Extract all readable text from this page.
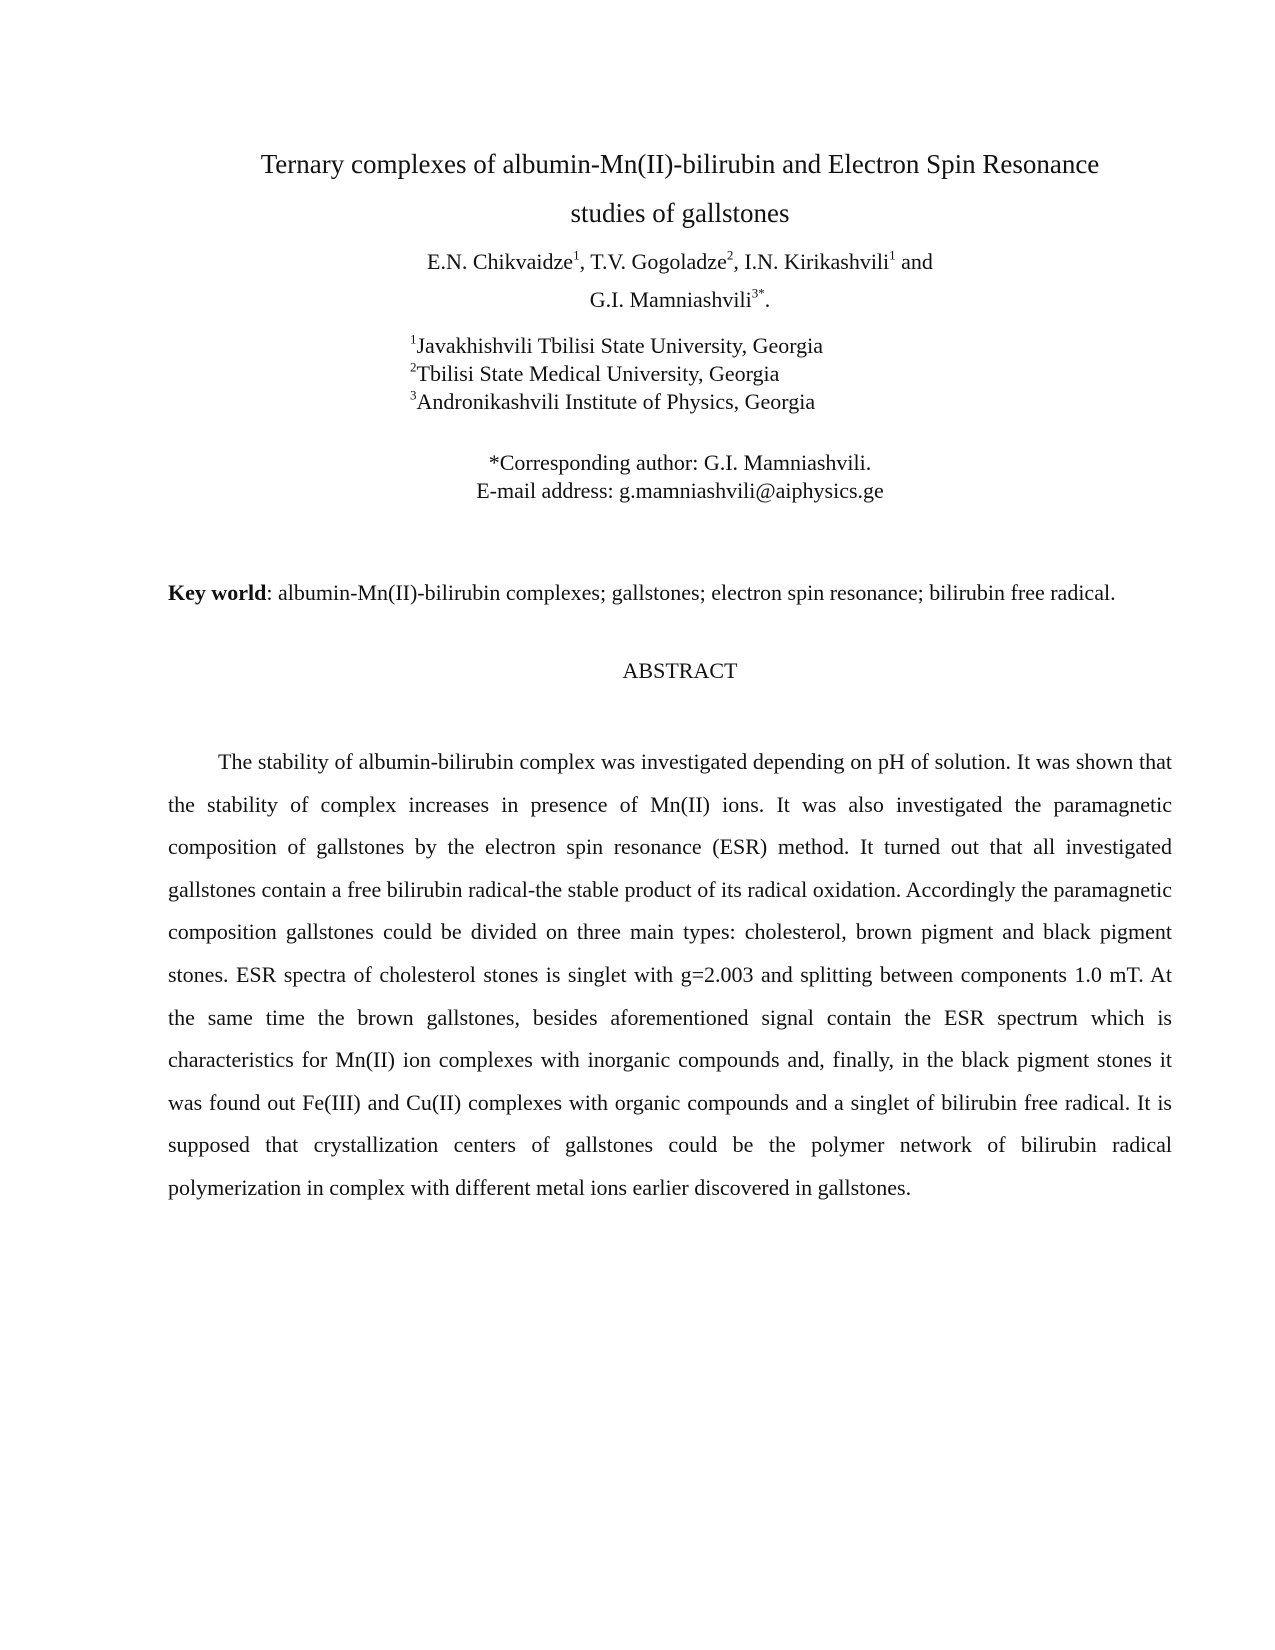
Ternary complexes of albumin-Mn(II)-bilirubin and Electron Spin Resonance studies of gallstones
E.N. Chikvaidze$^1$, T.V. Gogoladze$^2$, I.N. Kirikashvili$^1$ and
G.I. Mamniashvili$^{3*}$.
$^1$Javakhishvili Tbilisi State University, Georgia
$^2$Tbilisi State Medical University, Georgia
$^3$Andronikashvili Institute of Physics, Georgia
*Corresponding author: G.I. Mamniashvili.
E-mail address: g.mamniashvili@aiphysics.ge
Key world: albumin-Mn(II)-bilirubin complexes; gallstones; electron spin resonance; bilirubin free radical.
ABSTRACT

The stability of albumin-bilirubin complex was investigated depending on pH of solution. It was shown that the stability of complex increases in presence of Mn(II) ions. It was also investigated the paramagnetic composition of gallstones by the electron spin resonance (ESR) method. It turned out that all investigated gallstones contain a free bilirubin radical-the stable product of its radical oxidation. Accordingly the paramagnetic composition gallstones could be divided on three main types: cholesterol, brown pigment and black pigment stones. ESR spectra of cholesterol stones is singlet with g=2.003 and splitting between components 1.0 mT. At the same time the brown gallstones, besides aforementioned signal contain the ESR spectrum which is characteristics for Mn(II) ion complexes with inorganic compounds and, finally, in the black pigment stones it was found out Fe(III) and Cu(II) complexes with organic compounds and a singlet of bilirubin free radical. It is supposed that crystallization centers of gallstones could be the polymer network of bilirubin radical polymerization in complex with different metal ions earlier discovered in gallstones.
